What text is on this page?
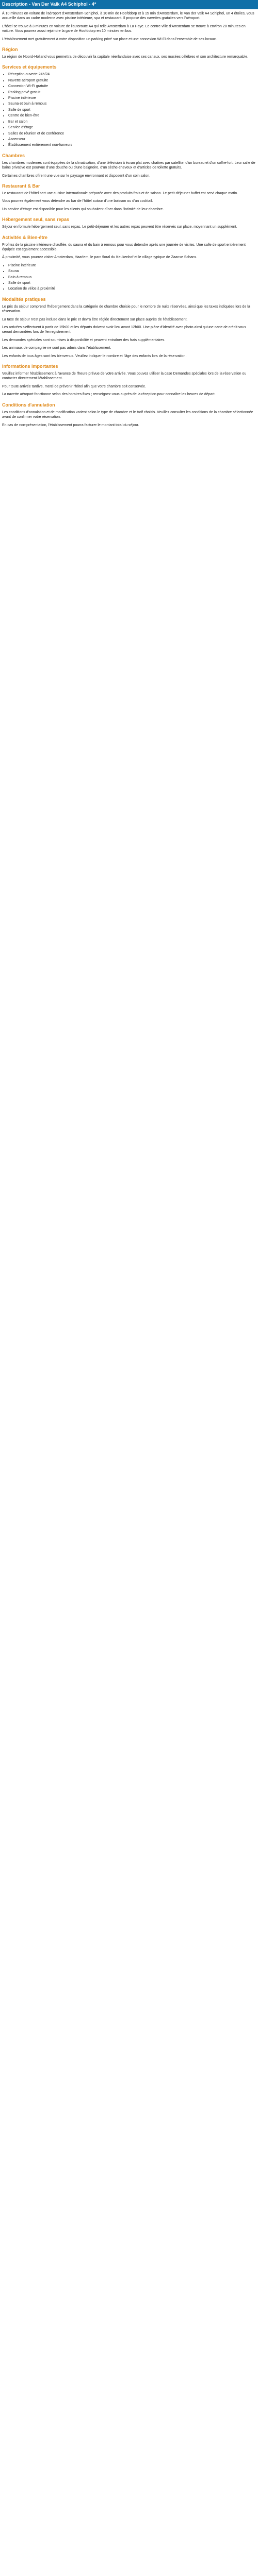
Description - Van Der Valk A4 Schiphol - 4*

À 10 minutes en voiture de l'aéroport d'Amsterdam-Schiphol, à 10 min de Hoofddorp et à 15 min d'Amsterdam, le Van der Valk A4 Schiphol, un 4 étoiles, vous accueille dans un cadre moderne avec piscine intérieure, spa et restaurant. Il propose des navettes gratuites vers l'aéroport.

L'hôtel se trouve à 3 minutes en voiture de l'autoroute A4 qui relie Amsterdam à La Haye. Le centre-ville d'Amsterdam se trouve à environ 20 minutes en voiture. Vous pourrez aussi rejoindre la gare de Hoofddorp en 10 minutes en bus.

L'établissement met gratuitement à votre disposition un parking privé sur place et une connexion Wi-Fi dans l'ensemble de ses locaux.

Région

La région de Noord-Holland vous permettra de découvrir la capitale néerlandaise avec ses canaux, ses musées célèbres et son architecture remarquable.

Services et équipements
• Réception ouverte 24h/24
• Navette aéroport gratuite
• Connexion Wi-Fi gratuite
• Parking privé gratuit
• Piscine intérieure
• Sauna et bain à remous
• Salle de sport
• Centre de bien-être
• Bar et salon
• Service d'étage
• Salles de réunion et de conférence
• Ascenseur
• Établissement entièrement non-fumeurs
Chambres

Les chambres modernes sont équipées de la climatisation, d'une télévision à écran plat avec chaînes par satellite, d'un bureau et d'un coffre-fort. Leur salle de bains privative est pourvue d'une douche ou d'une baignoire, d'un sèche-cheveux et d'articles de toilette gratuits.

Certaines chambres offrent une vue sur le paysage environnant et disposent d'un coin salon.

Restaurant & Bar

Le restaurant de l'hôtel sert une cuisine internationale préparée avec des produits frais et de saison. Le petit-déjeuner buffet est servi chaque matin.

Vous pourrez également vous détendre au bar de l'hôtel autour d'une boisson ou d'un cocktail.

Un service d'étage est disponible pour les clients qui souhaitent dîner dans l'intimité de leur chambre.

Hébergement seul, sans repas

Séjour en formule hébergement seul, sans repas. Le petit-déjeuner et les autres repas peuvent être réservés sur place, moyennant un supplément.

Activités & Bien-être

Profitez de la piscine intérieure chauffée, du sauna et du bain à remous pour vous détendre après une journée de visites. Une salle de sport entièrement équipée est également accessible.

À proximité, vous pourrez visiter Amsterdam, Haarlem, le parc floral du Keukenhof et le village typique de Zaanse Schans.

• Piscine intérieure
• Sauna
• Bain à remous
• Salle de sport
• Location de vélos à proximité
Modalités pratiques

Le prix du séjour comprend l'hébergement dans la catégorie de chambre choisie pour le nombre de nuits réservées, ainsi que les taxes indiquées lors de la réservation.

La taxe de séjour n'est pas incluse dans le prix et devra être réglée directement sur place auprès de l'établissement.

Les arrivées s'effectuent à partir de 15h00 et les départs doivent avoir lieu avant 12h00. Une pièce d'identité avec photo ainsi qu'une carte de crédit vous seront demandées lors de l'enregistrement.

Les demandes spéciales sont soumises à disponibilité et peuvent entraîner des frais supplémentaires.

Les animaux de compagnie ne sont pas admis dans l'établissement.

Les enfants de tous âges sont les bienvenus. Veuillez indiquer le nombre et l'âge des enfants lors de la réservation.

Informations importantes

Veuillez informer l'établissement à l'avance de l'heure prévue de votre arrivée. Vous pouvez utiliser la case Demandes spéciales lors de la réservation ou contacter directement l'établissement.

Pour toute arrivée tardive, merci de prévenir l'hôtel afin que votre chambre soit conservée.

La navette aéroport fonctionne selon des horaires fixes ; renseignez-vous auprès de la réception pour connaître les heures de départ.

Conditions d'annulation

Les conditions d'annulation et de modification varient selon le type de chambre et le tarif choisis. Veuillez consulter les conditions de la chambre sélectionnée avant de confirmer votre réservation.

En cas de non-présentation, l'établissement pourra facturer le montant total du séjour.
